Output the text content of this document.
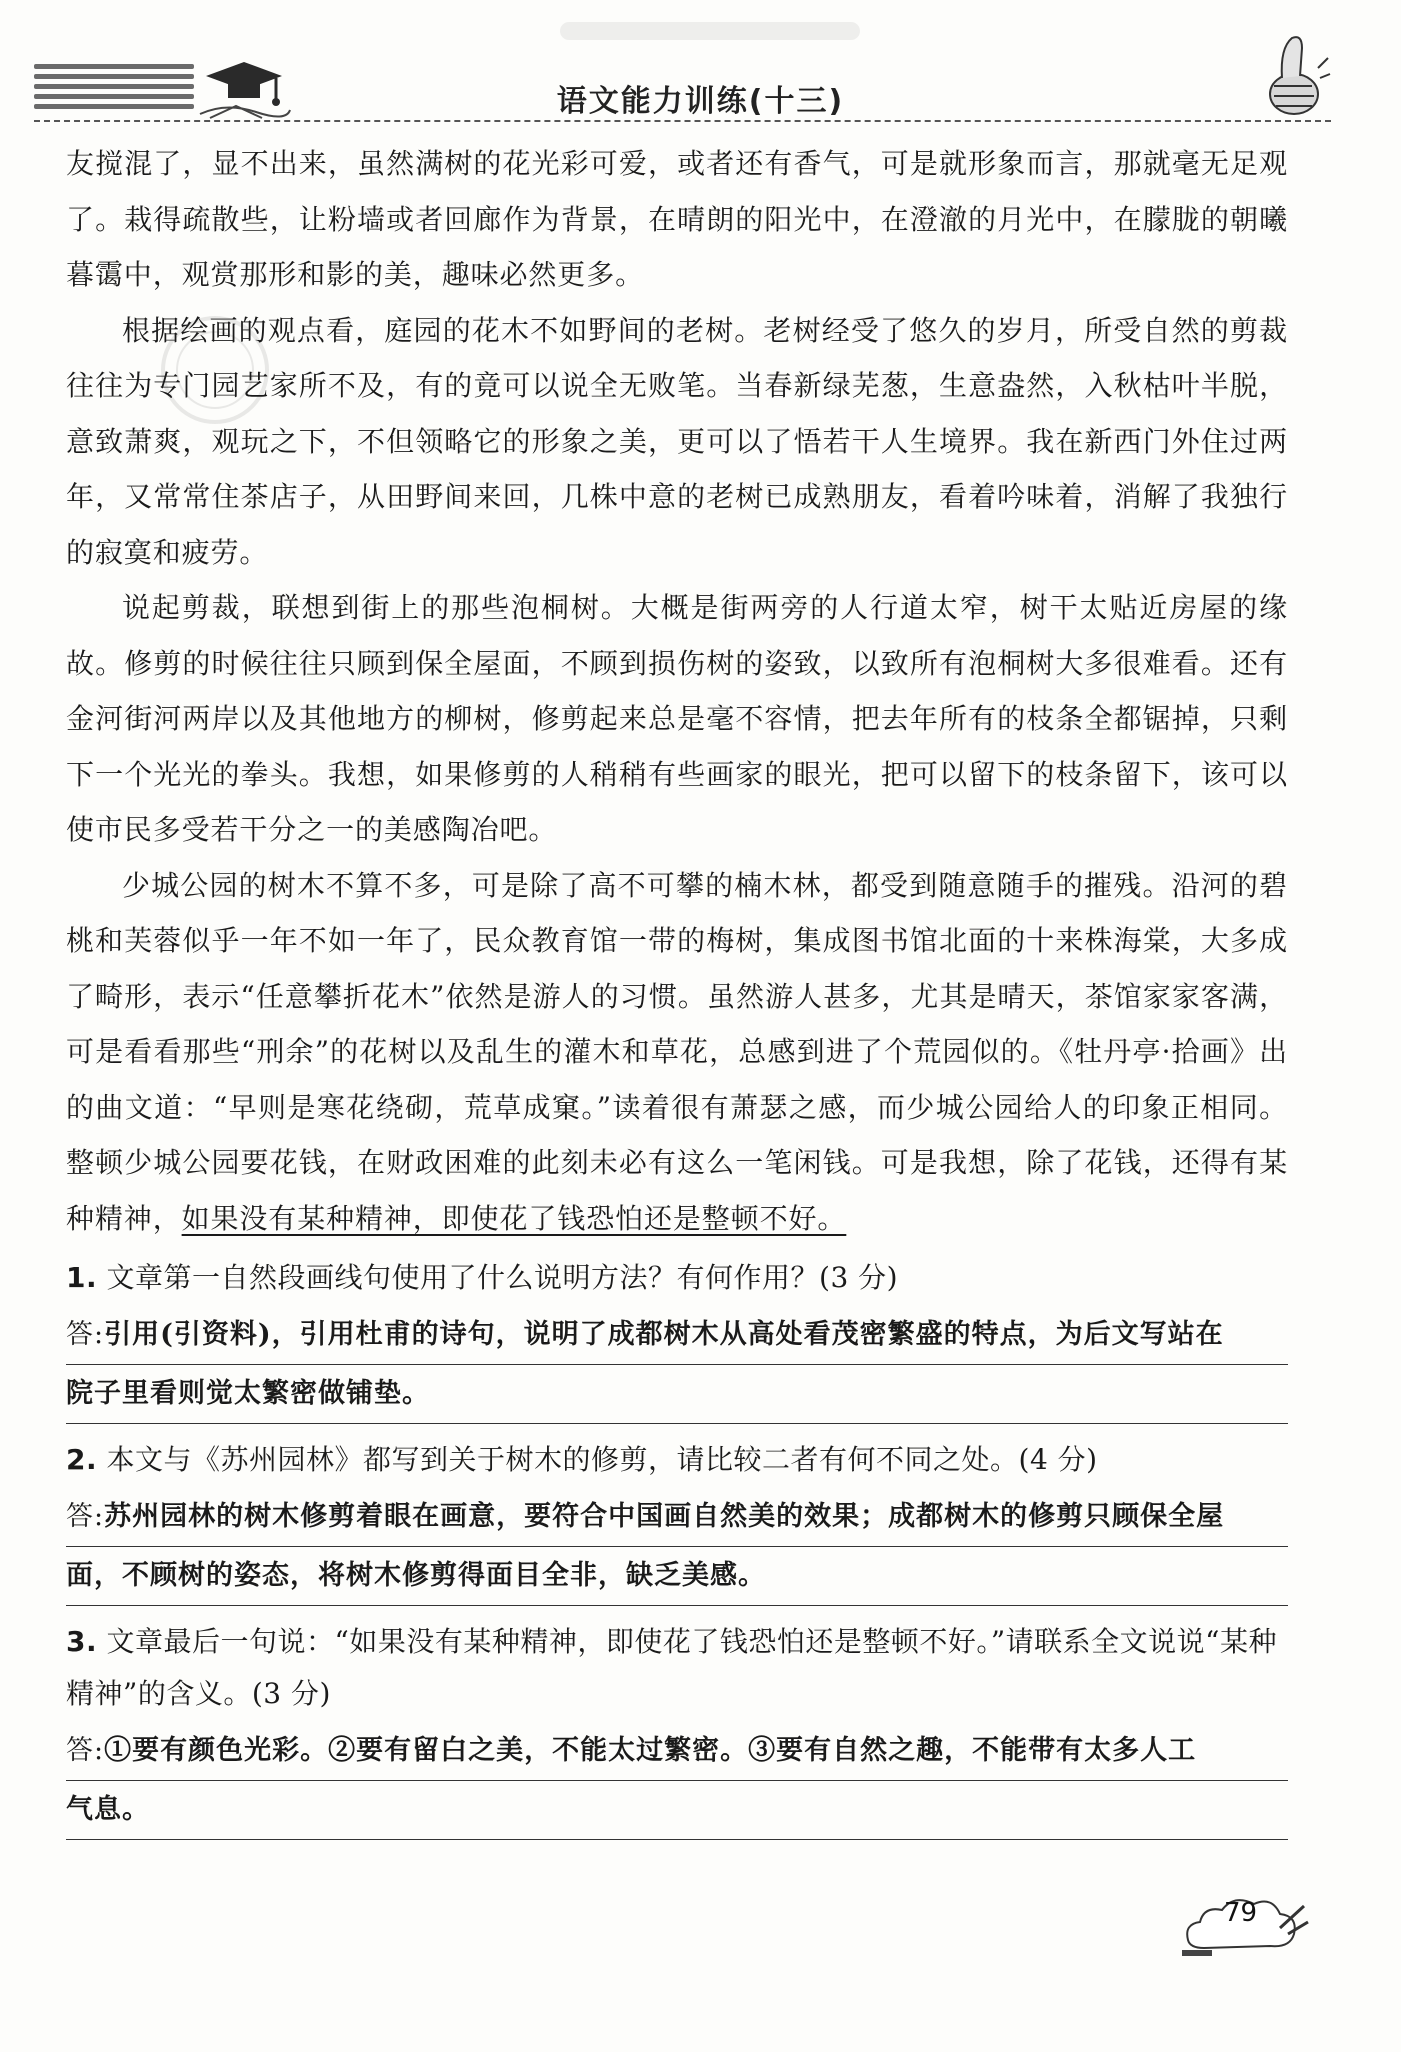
语文能力训练(十三)

友搅混了，显不出来，虽然满树的花光彩可爱，或者还有香气，可是就形象而言，那就毫无足观了。栽得疏散些，让粉墙或者回廊作为背景，在晴朗的阳光中，在澄澈的月光中，在朦胧的朝曦暮霭中，观赏那形和影的美，趣味必然更多。

根据绘画的观点看，庭园的花木不如野间的老树。老树经受了悠久的岁月，所受自然的剪裁往往为专门园艺家所不及，有的竟可以说全无败笔。当春新绿芜葱，生意盎然，入秋枯叶半脱，意致萧爽，观玩之下，不但领略它的形象之美，更可以了悟若干人生境界。我在新西门外住过两年，又常常住茶店子，从田野间来回，几株中意的老树已成熟朋友，看着吟味着，消解了我独行的寂寞和疲劳。

说起剪裁，联想到街上的那些泡桐树。大概是街两旁的人行道太窄，树干太贴近房屋的缘故。修剪的时候往往只顾到保全屋面，不顾到损伤树的姿致，以致所有泡桐树大多很难看。还有金河街河两岸以及其他地方的柳树，修剪起来总是毫不容情，把去年所有的枝条全都锯掉，只剩下一个光光的拳头。我想，如果修剪的人稍稍有些画家的眼光，把可以留下的枝条留下，该可以使市民多受若干分之一的美感陶冶吧。

少城公园的树木不算不多，可是除了高不可攀的楠木林，都受到随意随手的摧残。沿河的碧桃和芙蓉似乎一年不如一年了，民众教育馆一带的梅树，集成图书馆北面的十来株海棠，大多成了畸形，表示“任意攀折花木”依然是游人的习惯。虽然游人甚多，尤其是晴天，茶馆家家客满，可是看看那些“刑余”的花树以及乱生的灌木和草花，总感到进了个荒园似的。《牡丹亭·拾画》出的曲文道：“早则是寒花绕砌，荒草成窠。”读着很有萧瑟之感，而少城公园给人的印象正相同。整顿少城公园要花钱，在财政困难的此刻未必有这么一笔闲钱。可是我想，除了花钱，还得有某种精神，如果没有某种精神，即使花了钱恐怕还是整顿不好。

1. 文章第一自然段画线句使用了什么说明方法？有何作用？(3 分)

答:引用(引资料)，引用杜甫的诗句，说明了成都树木从高处看茂密繁盛的特点，为后文写站在
院子里看则觉太繁密做铺垫。

2. 本文与《苏州园林》都写到关于树木的修剪，请比较二者有何不同之处。(4 分)

答:苏州园林的树木修剪着眼在画意，要符合中国画自然美的效果；成都树木的修剪只顾保全屋
面，不顾树的姿态，将树木修剪得面目全非，缺乏美感。

3. 文章最后一句说：“如果没有某种精神，即使花了钱恐怕还是整顿不好。”请联系全文说说“某种
精神”的含义。(3 分)

答:①要有颜色光彩。②要有留白之美，不能太过繁密。③要有自然之趣，不能带有太多人工
气息。
79
